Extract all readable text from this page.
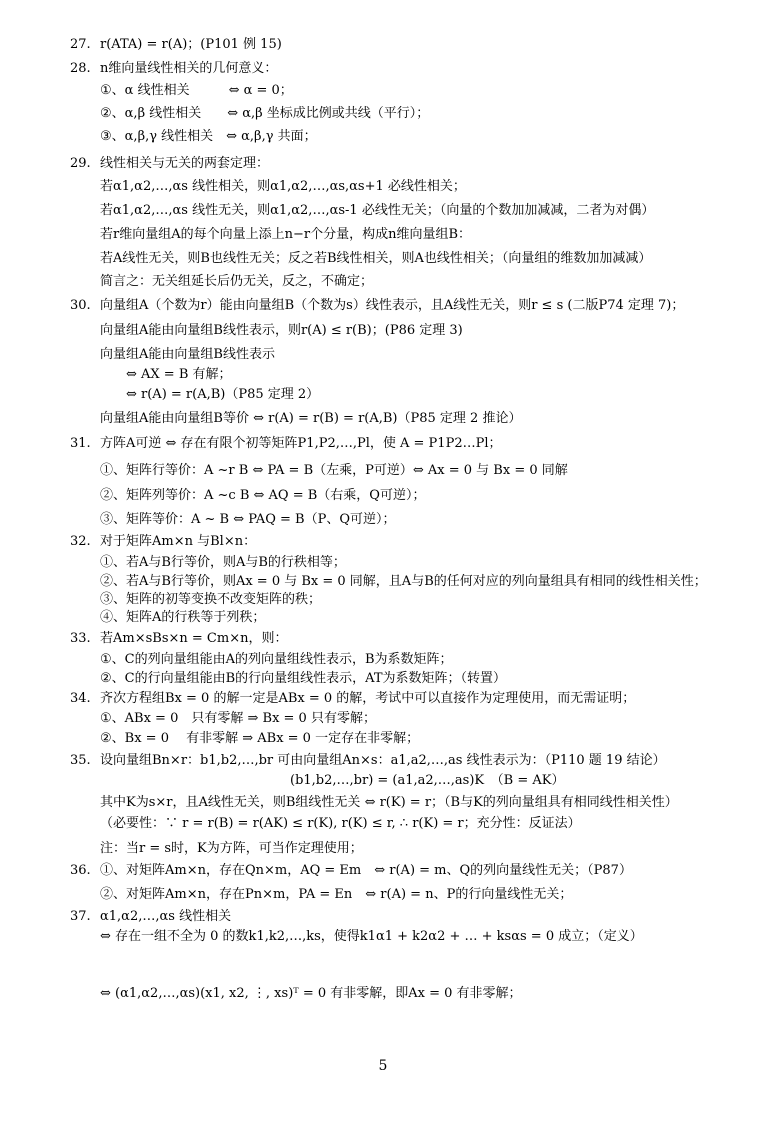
27. r(ATA) = r(A)；(P101 例 15)
28. n维向量线性相关的几何意义：
①、α 线性相关　　　⇔ α = 0；
②、α,β 线性相关　　⇔ α,β 坐标成比例或共线（平行）；
③、α,β,γ 线性相关　⇔ α,β,γ 共面；
29. 线性相关与无关的两套定理：
若α1,α2,…,αs 线性相关，则α1,α2,…,αs,αs+1 必线性相关；
若α1,α2,…,αs 线性无关，则α1,α2,…,αs-1 必线性无关；（向量的个数加加减减，二者为对偶）
若r维向量组A的每个向量上添上n−r个分量，构成n维向量组B：
若A线性无关，则B也线性无关；反之若B线性相关，则A也线性相关；（向量组的维数加加减减）
简言之：无关组延长后仍无关，反之，不确定；
30. 向量组A（个数为r）能由向量组B（个数为s）线性表示，且A线性无关，则r ≤ s (二版P74 定理 7)；
向量组A能由向量组B线性表示，则r(A) ≤ r(B)；(P86 定理 3)
向量组A能由向量组B线性表示
　　⇔ AX = B 有解；
　　⇔ r(A) = r(A,B)（P85 定理 2）
向量组A能由向量组B等价 ⇔ r(A) = r(B) = r(A,B)（P85 定理 2 推论）
31. 方阵A可逆 ⇔ 存在有限个初等矩阵P1,P2,…,Pl，使 A = P1P2…Pl；
①、矩阵行等价：A ~r B ⇔ PA = B（左乘，P可逆）⇔ Ax = 0 与 Bx = 0 同解
②、矩阵列等价：A ~c B ⇔ AQ = B（右乘，Q可逆）；
③、矩阵等价：A ~ B ⇔ PAQ = B（P、Q可逆）；
32. 对于矩阵Am×n 与Bl×n：
①、若A与B行等价，则A与B的行秩相等；
②、若A与B行等价，则Ax = 0 与 Bx = 0 同解，且A与B的任何对应的列向量组具有相同的线性相关性；
③、矩阵的初等变换不改变矩阵的秩；
④、矩阵A的行秩等于列秩；
33. 若Am×sBs×n = Cm×n，则：
①、C的列向量组能由A的列向量组线性表示，B为系数矩阵；
②、C的行向量组能由B的行向量组线性表示，AT为系数矩阵；（转置）
34. 齐次方程组Bx = 0 的解一定是ABx = 0 的解，考试中可以直接作为定理使用，而无需证明；
①、ABx = 0　只有零解 ⇒ Bx = 0 只有零解；
②、Bx = 0　 有非零解 ⇒ ABx = 0 一定存在非零解；
35. 设向量组Bn×r：b1,b2,…,br 可由向量组An×s：a1,a2,…,as 线性表示为：（P110 题 19 结论）
(b1,b2,…,br) = (a1,a2,…,as)K　（B = AK）
其中K为s×r，且A线性无关，则B组线性无关 ⇔ r(K) = r；（B与K的列向量组具有相同线性相关性）
（必要性：∵ r = r(B) = r(AK) ≤ r(K), r(K) ≤ r, ∴ r(K) = r；充分性：反证法）
注：当r = s时，K为方阵，可当作定理使用；
36. ①、对矩阵Am×n，存在Qn×m，AQ = Em　⇔ r(A) = m、Q的列向量线性无关；（P87）
②、对矩阵Am×n，存在Pn×m，PA = En　⇔ r(A) = n、P的行向量线性无关；
37. α1,α2,…,αs 线性相关
⇔ 存在一组不全为 0 的数k1,k2,…,ks，使得k1α1 + k2α2 + … + ksαs = 0 成立；（定义）
⇔ (α1,α2,…,αs)(x1, x2, ⋮, xs)ᵀ = 0 有非零解，即Ax = 0 有非零解；
5
